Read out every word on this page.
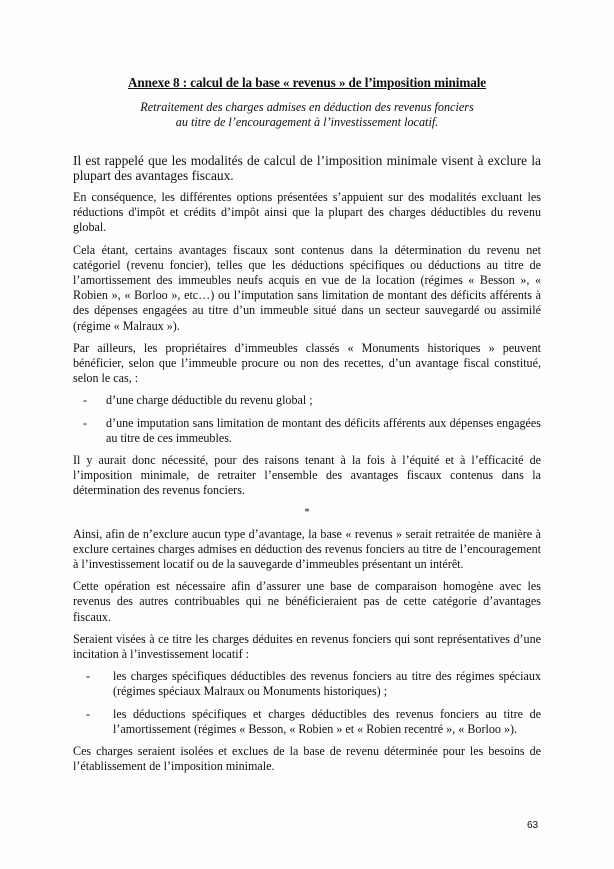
Annexe 8 : calcul de la base « revenus » de l’imposition minimale
Retraitement des charges admises en déduction des revenus fonciers
au titre de l’encouragement à l’investissement locatif.

Il est rappelé que les modalités de calcul de l’imposition minimale visent à exclure la plupart des avantages fiscaux.

En conséquence, les différentes options présentées s’appuient sur des modalités excluant les réductions d'impôt et crédits d’impôt ainsi que la plupart des charges déductibles du revenu global.

Cela étant, certains avantages fiscaux sont contenus dans la détermination du revenu net catégoriel (revenu foncier), telles que les déductions spécifiques ou déductions au titre de l’amortissement des immeubles neufs acquis en vue de la location (régimes « Besson », « Robien », « Borloo », etc…) ou l’imputation sans limitation de montant des déficits afférents à des dépenses engagées au titre d’un immeuble situé dans un secteur sauvegardé ou assimilé (régime « Malraux »).

Par ailleurs, les propriétaires d’immeubles classés « Monuments historiques » peuvent bénéficier, selon que l’immeuble procure ou non des recettes, d’un avantage fiscal constitué, selon le cas, :

- d’une charge déductible du revenu global ;
- d’une imputation sans limitation de montant des déficits afférents aux dépenses engagées au titre de ces immeubles.

Il y aurait donc nécessité, pour des raisons tenant à la fois à l’équité et à l’efficacité de l’imposition minimale, de retraiter l’ensemble des avantages fiscaux contenus dans la détermination des revenus fonciers.

*

Ainsi, afin de n’exclure aucun type d’avantage, la base « revenus » serait retraitée de manière à exclure certaines charges admises en déduction des revenus fonciers au titre de l’encouragement à l’investissement locatif ou de la sauvegarde d’immeubles présentant un intérêt.

Cette opération est nécessaire afin d’assurer une base de comparaison homogène avec les revenus des autres contribuables qui ne bénéficieraient pas de cette catégorie d’avantages fiscaux.

Seraient visées à ce titre les charges déduites en revenus fonciers qui sont représentatives d’une incitation à l’investissement locatif :

- les charges spécifiques déductibles des revenus fonciers au titre des régimes spéciaux (régimes spéciaux Malraux ou Monuments historiques) ;
- les déductions spécifiques et charges déductibles des revenus fonciers au titre de l’amortissement (régimes « Besson, « Robien » et « Robien recentré », « Borloo »).

Ces charges seraient isolées et exclues de la base de revenu déterminée pour les besoins de l’établissement de l’imposition minimale.

63
